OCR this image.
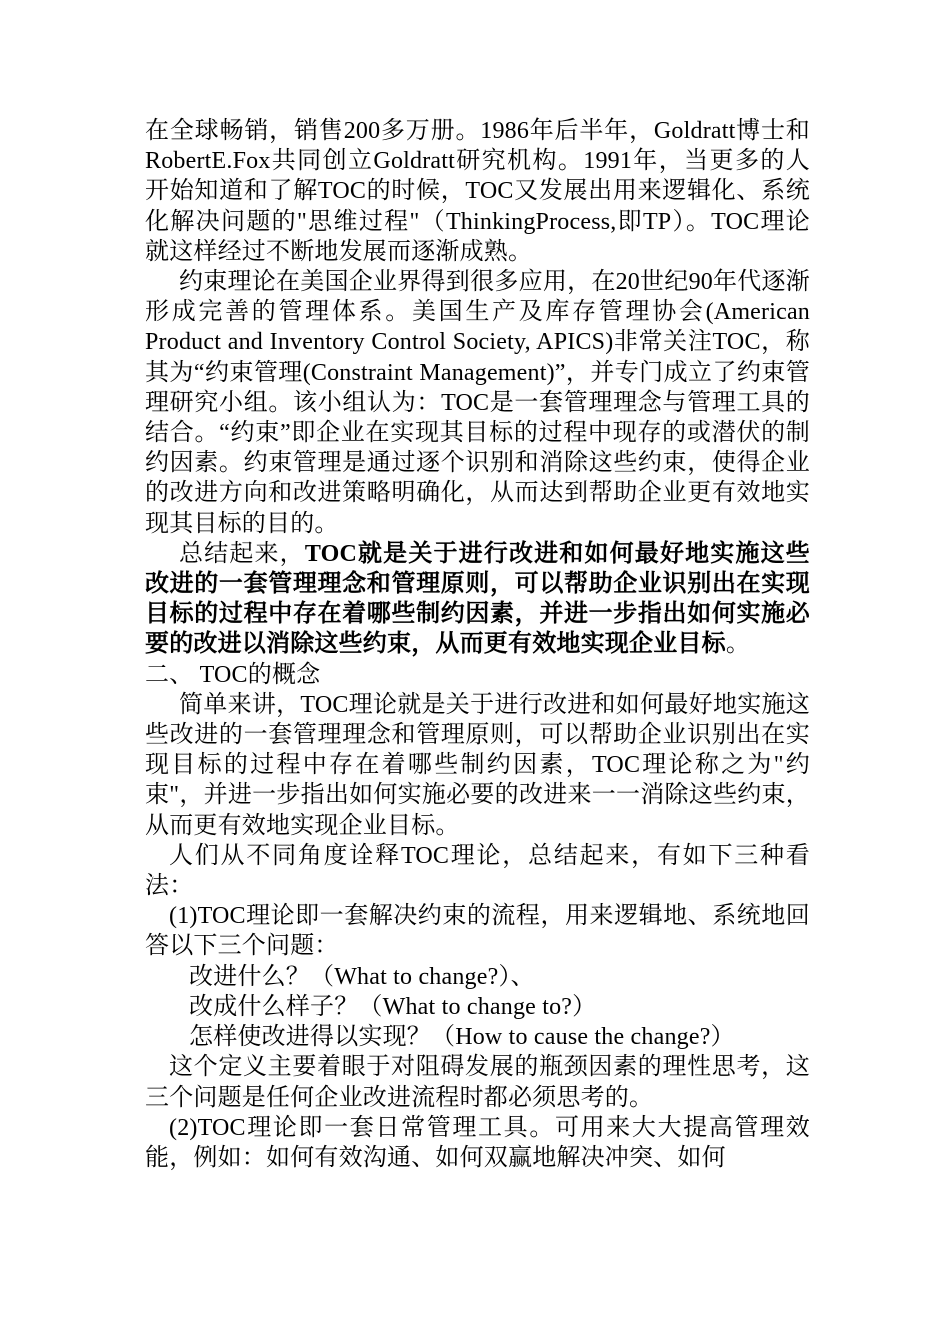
在全球畅销，销售200多万册。1986年后半年，Goldratt博士和RobertE.Fox共同创立Goldratt研究机构。1991年，当更多的人开始知道和了解TOC的时候，TOC又发展出用来逻辑化、系统化解决问题的"思维过程"（ThinkingProcess,即TP）。TOC理论就这样经过不断地发展而逐渐成熟。

约束理论在美国企业界得到很多应用，在20世纪90年代逐渐形成完善的管理体系。美国生产及库存管理协会(American Product and Inventory Control Society, APICS)非常关注TOC，称其为“约束管理(Constraint Management)”，并专门成立了约束管理研究小组。该小组认为：TOC是一套管理理念与管理工具的结合。“约束”即企业在实现其目标的过程中现存的或潜伏的制约因素。约束管理是通过逐个识别和消除这些约束，使得企业的改进方向和改进策略明确化，从而达到帮助企业更有效地实现其目标的目的。

总结起来，TOC就是关于进行改进和如何最好地实施这些改进的一套管理理念和管理原则，可以帮助企业识别出在实现目标的过程中存在着哪些制约因素，并进一步指出如何实施必要的改进以消除这些约束，从而更有效地实现企业目标。

二、 TOC的概念

简单来讲，TOC理论就是关于进行改进和如何最好地实施这些改进的一套管理理念和管理原则，可以帮助企业识别出在实现目标的过程中存在着哪些制约因素，TOC理论称之为"约束"，并进一步指出如何实施必要的改进来一一消除这些约束，从而更有效地实现企业目标。

人们从不同角度诠释TOC理论，总结起来，有如下三种看法：

(1)TOC理论即一套解决约束的流程，用来逻辑地、系统地回答以下三个问题：

改进什么？（What to change?）、

改成什么样子？（What to change to?）

怎样使改进得以实现？（How to cause the change?）

这个定义主要着眼于对阻碍发展的瓶颈因素的理性思考，这三个问题是任何企业改进流程时都必须思考的。

(2)TOC理论即一套日常管理工具。可用来大大提高管理效能，例如：如何有效沟通、如何双赢地解决冲突、如何
